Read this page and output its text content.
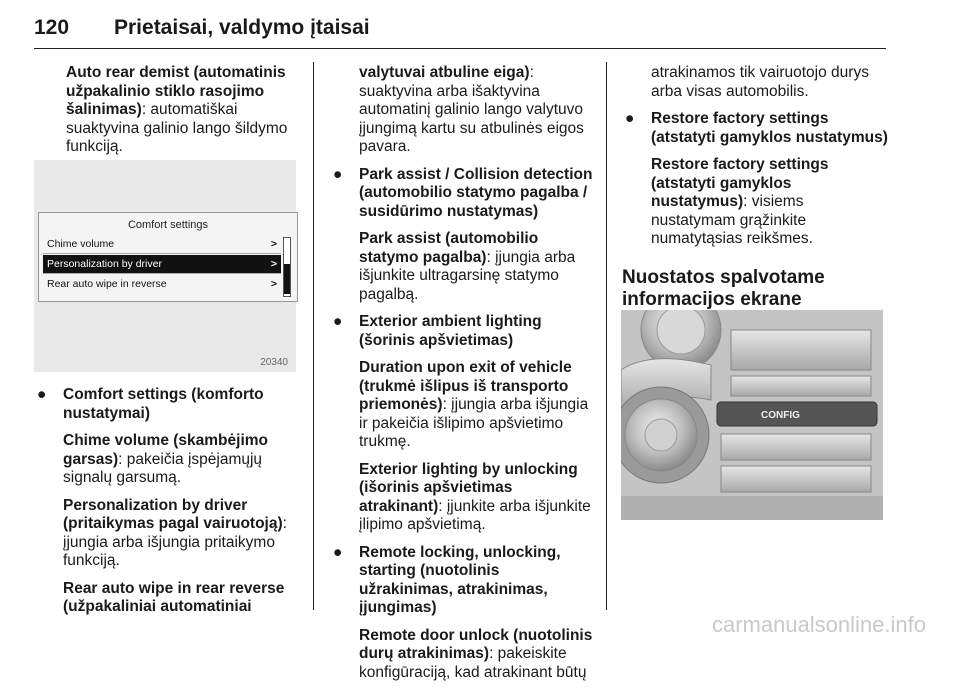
120 Prietaisai, valdymo įtaisai

Auto rear demist (automatinis užpakalinio stiklo rasojimo šalinimas): automatiškai suaktyvina galinio lango šildymo funkciją.

Comfort settings
Chime volume	>
Personalization by driver	>
Rear auto wipe in reverse	>
20340
● Comfort settings (komforto nustatymai)

Chime volume (skambėjimo garsas): pakeičia įspėjamųjų signalų garsumą.

Personalization by driver (pritaikymas pagal vairuotoją): įjungia arba išjungia pritaikymo funkciją.

Rear auto wipe in rear reverse (užpakaliniai automatiniai

valytuvai atbuline eiga): suaktyvina arba išaktyvina automatinį galinio lango valytuvo įjungimą kartu su atbulinės eigos pavara.

● Park assist / Collision detection (automobilio statymo pagalba / susidūrimo nustatymas)

Park assist (automobilio statymo pagalba): įjungia arba išjunkite ultragarsinę statymo pagalbą.

● Exterior ambient lighting (šorinis apšvietimas)

Duration upon exit of vehicle (trukmė išlipus iš transporto priemonės): įjungia arba išjungia ir pakeičia išlipimo apšvietimo trukmę.

Exterior lighting by unlocking (išorinis apšvietimas atrakinant): įjunkite arba išjunkite įlipimo apšvietimą.

● Remote locking, unlocking, starting (nuotolinis užrakinimas, atrakinimas, įjungimas)

Remote door unlock (nuotolinis durų atrakinimas): pakeiskite konfigūraciją, kad atrakinant būtų

atrakinamos tik vairuotojo durys arba visas automobilis.

● Restore factory settings (atstatyti gamyklos nustatymus)

Restore factory settings (atstatyti gamyklos nustatymus): visiems nustatymam grąžinkite numatytąsias reikšmes.

Nuostatos spalvotame informacijos ekrane
CONFIG
carmanualsonline.info
